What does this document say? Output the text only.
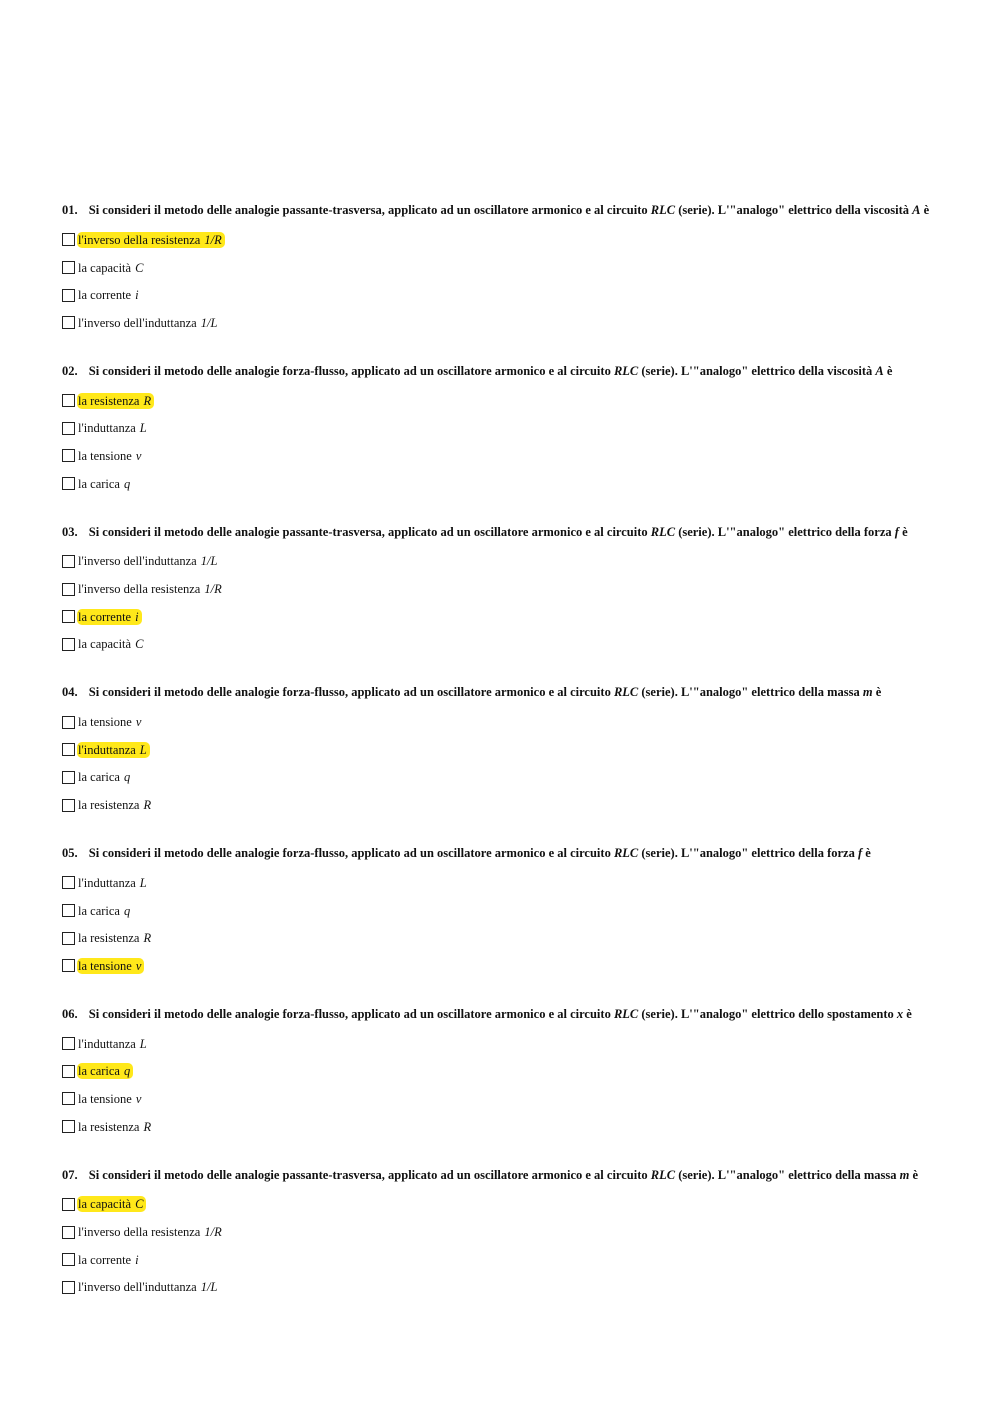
01. Si consideri il metodo delle analogie passante-trasversa, applicato ad un oscillatore armonico e al circuito RLC (serie). L'"analogo" elettrico della viscosità A è
l'inverso della resistenza 1/R
la capacità C
la corrente i
l'inverso dell'induttanza 1/L
02. Si consideri il metodo delle analogie forza-flusso, applicato ad un oscillatore armonico e al circuito RLC (serie). L'"analogo" elettrico della viscosità A è
la resistenza R
l'induttanza L
la tensione v
la carica q
03. Si consideri il metodo delle analogie passante-trasversa, applicato ad un oscillatore armonico e al circuito RLC (serie). L'"analogo" elettrico della forza f è
l'inverso dell'induttanza 1/L
l'inverso della resistenza 1/R
la corrente i
la capacità C
04. Si consideri il metodo delle analogie forza-flusso, applicato ad un oscillatore armonico e al circuito RLC (serie). L'"analogo" elettrico della massa m è
la tensione v
l'induttanza L
la carica q
la resistenza R
05. Si consideri il metodo delle analogie forza-flusso, applicato ad un oscillatore armonico e al circuito RLC (serie). L'"analogo" elettrico della forza f è
l'induttanza L
la carica q
la resistenza R
la tensione v
06. Si consideri il metodo delle analogie forza-flusso, applicato ad un oscillatore armonico e al circuito RLC (serie). L'"analogo" elettrico dello spostamento x è
l'induttanza L
la carica q
la tensione v
la resistenza R
07. Si consideri il metodo delle analogie passante-trasversa, applicato ad un oscillatore armonico e al circuito RLC (serie). L'"analogo" elettrico della massa m è
la capacità C
l'inverso della resistenza 1/R
la corrente i
l'inverso dell'induttanza 1/L
